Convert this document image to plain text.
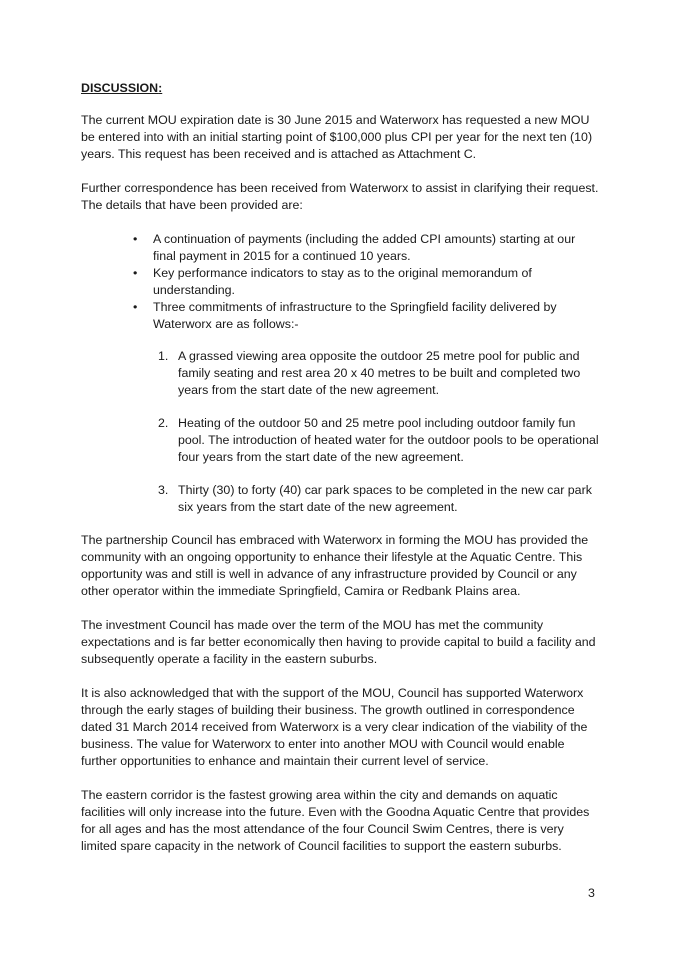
DISCUSSION:

The current MOU expiration date is 30 June 2015 and Waterworx has requested a new MOU be entered into with an initial starting point of $100,000 plus CPI per year for the next ten (10) years. This request has been received and is attached as Attachment C.

Further correspondence has been received from Waterworx to assist in clarifying their request. The details that have been provided are:

• A continuation of payments (including the added CPI amounts) starting at our final payment in 2015 for a continued 10 years.
• Key performance indicators to stay as to the original memorandum of understanding.
• Three commitments of infrastructure to the Springfield facility delivered by Waterworx are as follows:-
1. A grassed viewing area opposite the outdoor 25 metre pool for public and family seating and rest area 20 x 40 metres to be built and completed two years from the start date of the new agreement.
2. Heating of the outdoor 50 and 25 metre pool including outdoor family fun pool. The introduction of heated water for the outdoor pools to be operational four years from the start date of the new agreement.
3. Thirty (30) to forty (40) car park spaces to be completed in the new car park six years from the start date of the new agreement.

The partnership Council has embraced with Waterworx in forming the MOU has provided the community with an ongoing opportunity to enhance their lifestyle at the Aquatic Centre. This opportunity was and still is well in advance of any infrastructure provided by Council or any other operator within the immediate Springfield, Camira or Redbank Plains area.

The investment Council has made over the term of the MOU has met the community expectations and is far better economically then having to provide capital to build a facility and subsequently operate a facility in the eastern suburbs.

It is also acknowledged that with the support of the MOU, Council has supported Waterworx through the early stages of building their business. The growth outlined in correspondence dated 31 March 2014 received from Waterworx is a very clear indication of the viability of the business. The value for Waterworx to enter into another MOU with Council would enable further opportunities to enhance and maintain their current level of service.

The eastern corridor is the fastest growing area within the city and demands on aquatic facilities will only increase into the future. Even with the Goodna Aquatic Centre that provides for all ages and has the most attendance of the four Council Swim Centres, there is very limited spare capacity in the network of Council facilities to support the eastern suburbs.

3
